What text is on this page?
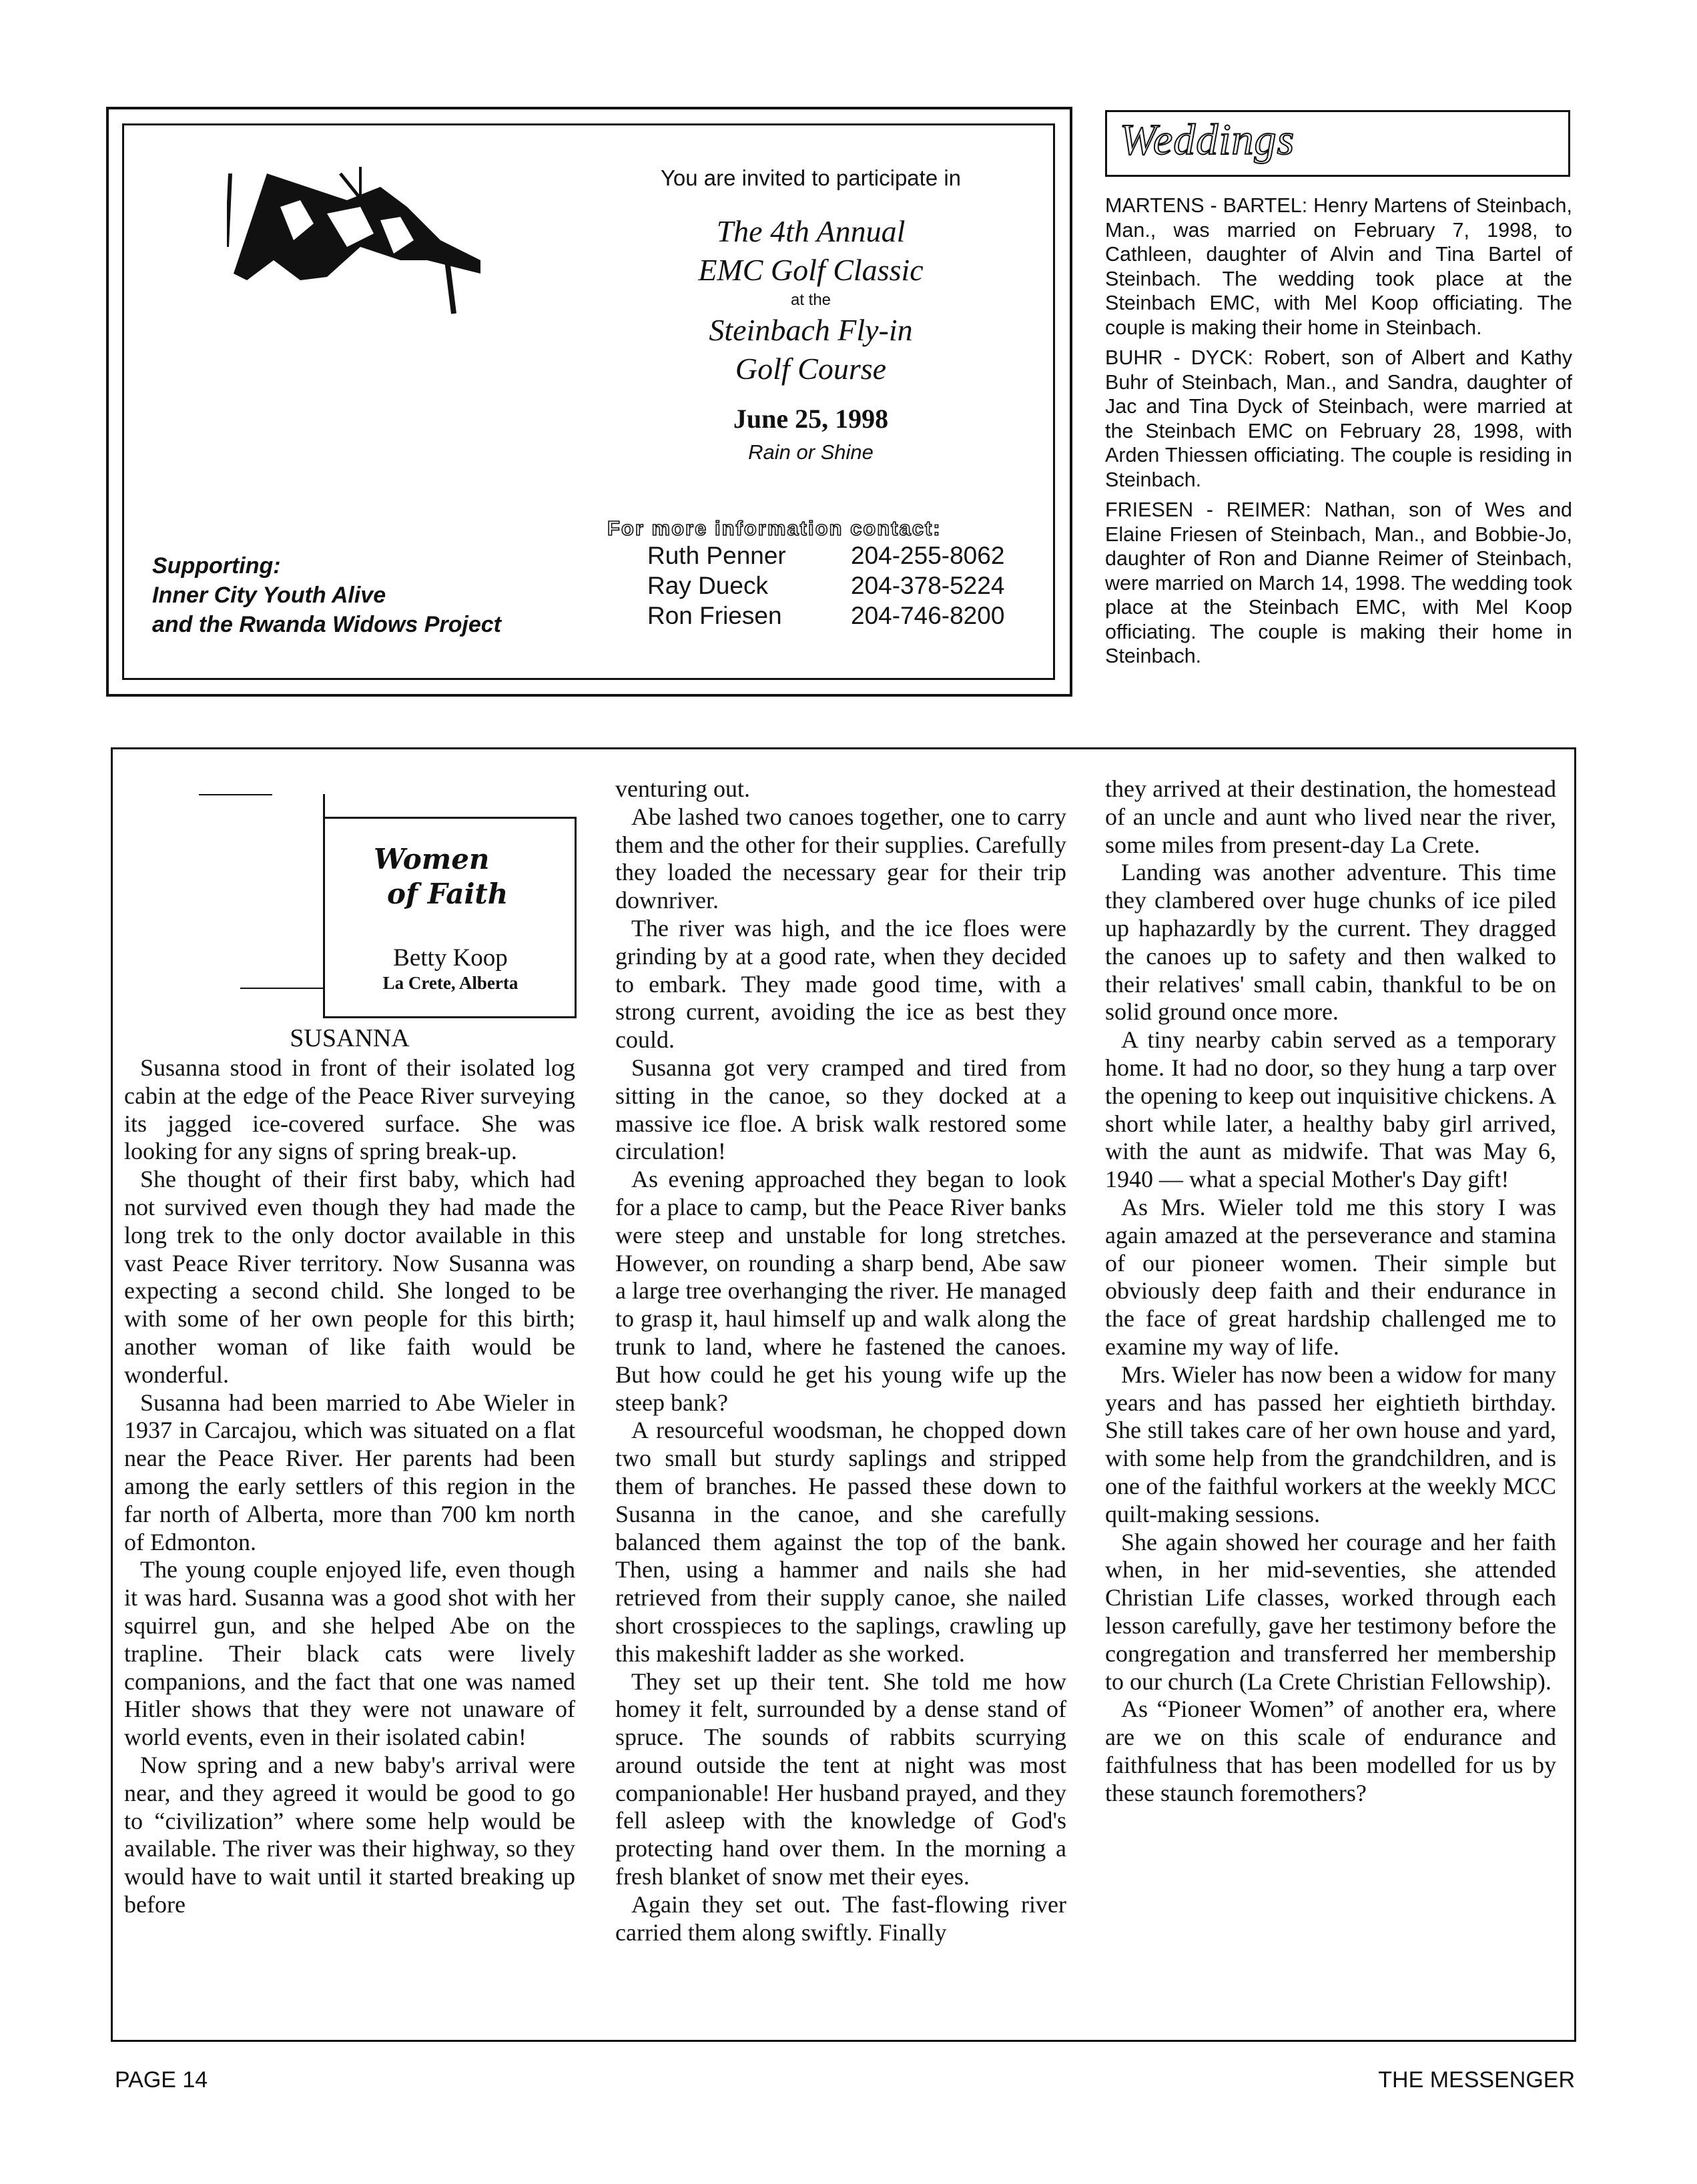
You are invited to participate in
The 4th Annual
EMC Golf Classic
at the
Steinbach Fly-in
Golf Course
June 25, 1998
Rain or Shine
For more information contact:
Ruth Penner	204-255-8062
Ray Dueck	204-378-5224
Ron Friesen	204-746-8200
Supporting:
Inner City Youth Alive
and the Rwanda Widows Project
Weddings

MARTENS - BARTEL: Henry Martens of Steinbach, Man., was married on February 7, 1998, to Cathleen, daughter of Alvin and Tina Bartel of Steinbach. The wedding took place at the Steinbach EMC, with Mel Koop officiating. The couple is making their home in Steinbach.

BUHR - DYCK: Robert, son of Albert and Kathy Buhr of Steinbach, Man., and Sandra, daughter of Jac and Tina Dyck of Steinbach, were married at the Steinbach EMC on February 28, 1998, with Arden Thiessen officiating. The couple is residing in Steinbach.

FRIESEN - REIMER: Nathan, son of Wes and Elaine Friesen of Steinbach, Man., and Bobbie-Jo, daughter of Ron and Dianne Reimer of Steinbach, were married on March 14, 1998. The wedding took place at the Steinbach EMC, with Mel Koop officiating. The couple is making their home in Steinbach.

Women
of Faith
Betty Koop
La Crete, Alberta
SUSANNA

Susanna stood in front of their isolated log cabin at the edge of the Peace River surveying its jagged ice-covered surface. She was looking for any signs of spring break-up.

She thought of their first baby, which had not survived even though they had made the long trek to the only doctor available in this vast Peace River territory. Now Susanna was expecting a second child. She longed to be with some of her own people for this birth; another woman of like faith would be wonderful.

Susanna had been married to Abe Wieler in 1937 in Carcajou, which was situated on a flat near the Peace River. Her parents had been among the early settlers of this region in the far north of Alberta, more than 700 km north of Edmonton.

The young couple enjoyed life, even though it was hard. Susanna was a good shot with her squirrel gun, and she helped Abe on the trapline. Their black cats were lively companions, and the fact that one was named Hitler shows that they were not unaware of world events, even in their isolated cabin!

Now spring and a new baby's arrival were near, and they agreed it would be good to go to “civilization” where some help would be available. The river was their highway, so they would have to wait until it started breaking up before

venturing out.

Abe lashed two canoes together, one to carry them and the other for their supplies. Carefully they loaded the necessary gear for their trip downriver.

The river was high, and the ice floes were grinding by at a good rate, when they decided to embark. They made good time, with a strong current, avoiding the ice as best they could.

Susanna got very cramped and tired from sitting in the canoe, so they docked at a massive ice floe. A brisk walk restored some circulation!

As evening approached they began to look for a place to camp, but the Peace River banks were steep and unstable for long stretches. However, on rounding a sharp bend, Abe saw a large tree overhanging the river. He managed to grasp it, haul himself up and walk along the trunk to land, where he fastened the canoes. But how could he get his young wife up the steep bank?

A resourceful woodsman, he chopped down two small but sturdy saplings and stripped them of branches. He passed these down to Susanna in the canoe, and she carefully balanced them against the top of the bank. Then, using a hammer and nails she had retrieved from their supply canoe, she nailed short crosspieces to the saplings, crawling up this makeshift ladder as she worked.

They set up their tent. She told me how homey it felt, surrounded by a dense stand of spruce. The sounds of rabbits scurrying around outside the tent at night was most companionable! Her husband prayed, and they fell asleep with the knowledge of God's protecting hand over them. In the morning a fresh blanket of snow met their eyes.

Again they set out. The fast-flowing river carried them along swiftly. Finally

they arrived at their destination, the homestead of an uncle and aunt who lived near the river, some miles from present-day La Crete.

Landing was another adventure. This time they clambered over huge chunks of ice piled up haphazardly by the current. They dragged the canoes up to safety and then walked to their relatives' small cabin, thankful to be on solid ground once more.

A tiny nearby cabin served as a temporary home. It had no door, so they hung a tarp over the opening to keep out inquisitive chickens. A short while later, a healthy baby girl arrived, with the aunt as midwife. That was May 6, 1940 — what a special Mother's Day gift!

As Mrs. Wieler told me this story I was again amazed at the perseverance and stamina of our pioneer women. Their simple but obviously deep faith and their endurance in the face of great hardship challenged me to examine my way of life.

Mrs. Wieler has now been a widow for many years and has passed her eightieth birthday. She still takes care of her own house and yard, with some help from the grandchildren, and is one of the faithful workers at the weekly MCC quilt-making sessions.

She again showed her courage and her faith when, in her mid-seventies, she attended Christian Life classes, worked through each lesson carefully, gave her testimony before the congregation and transferred her membership to our church (La Crete Christian Fellowship).

As “Pioneer Women” of another era, where are we on this scale of endurance and faithfulness that has been modelled for us by these staunch foremothers?

PAGE 14	THE MESSENGER
